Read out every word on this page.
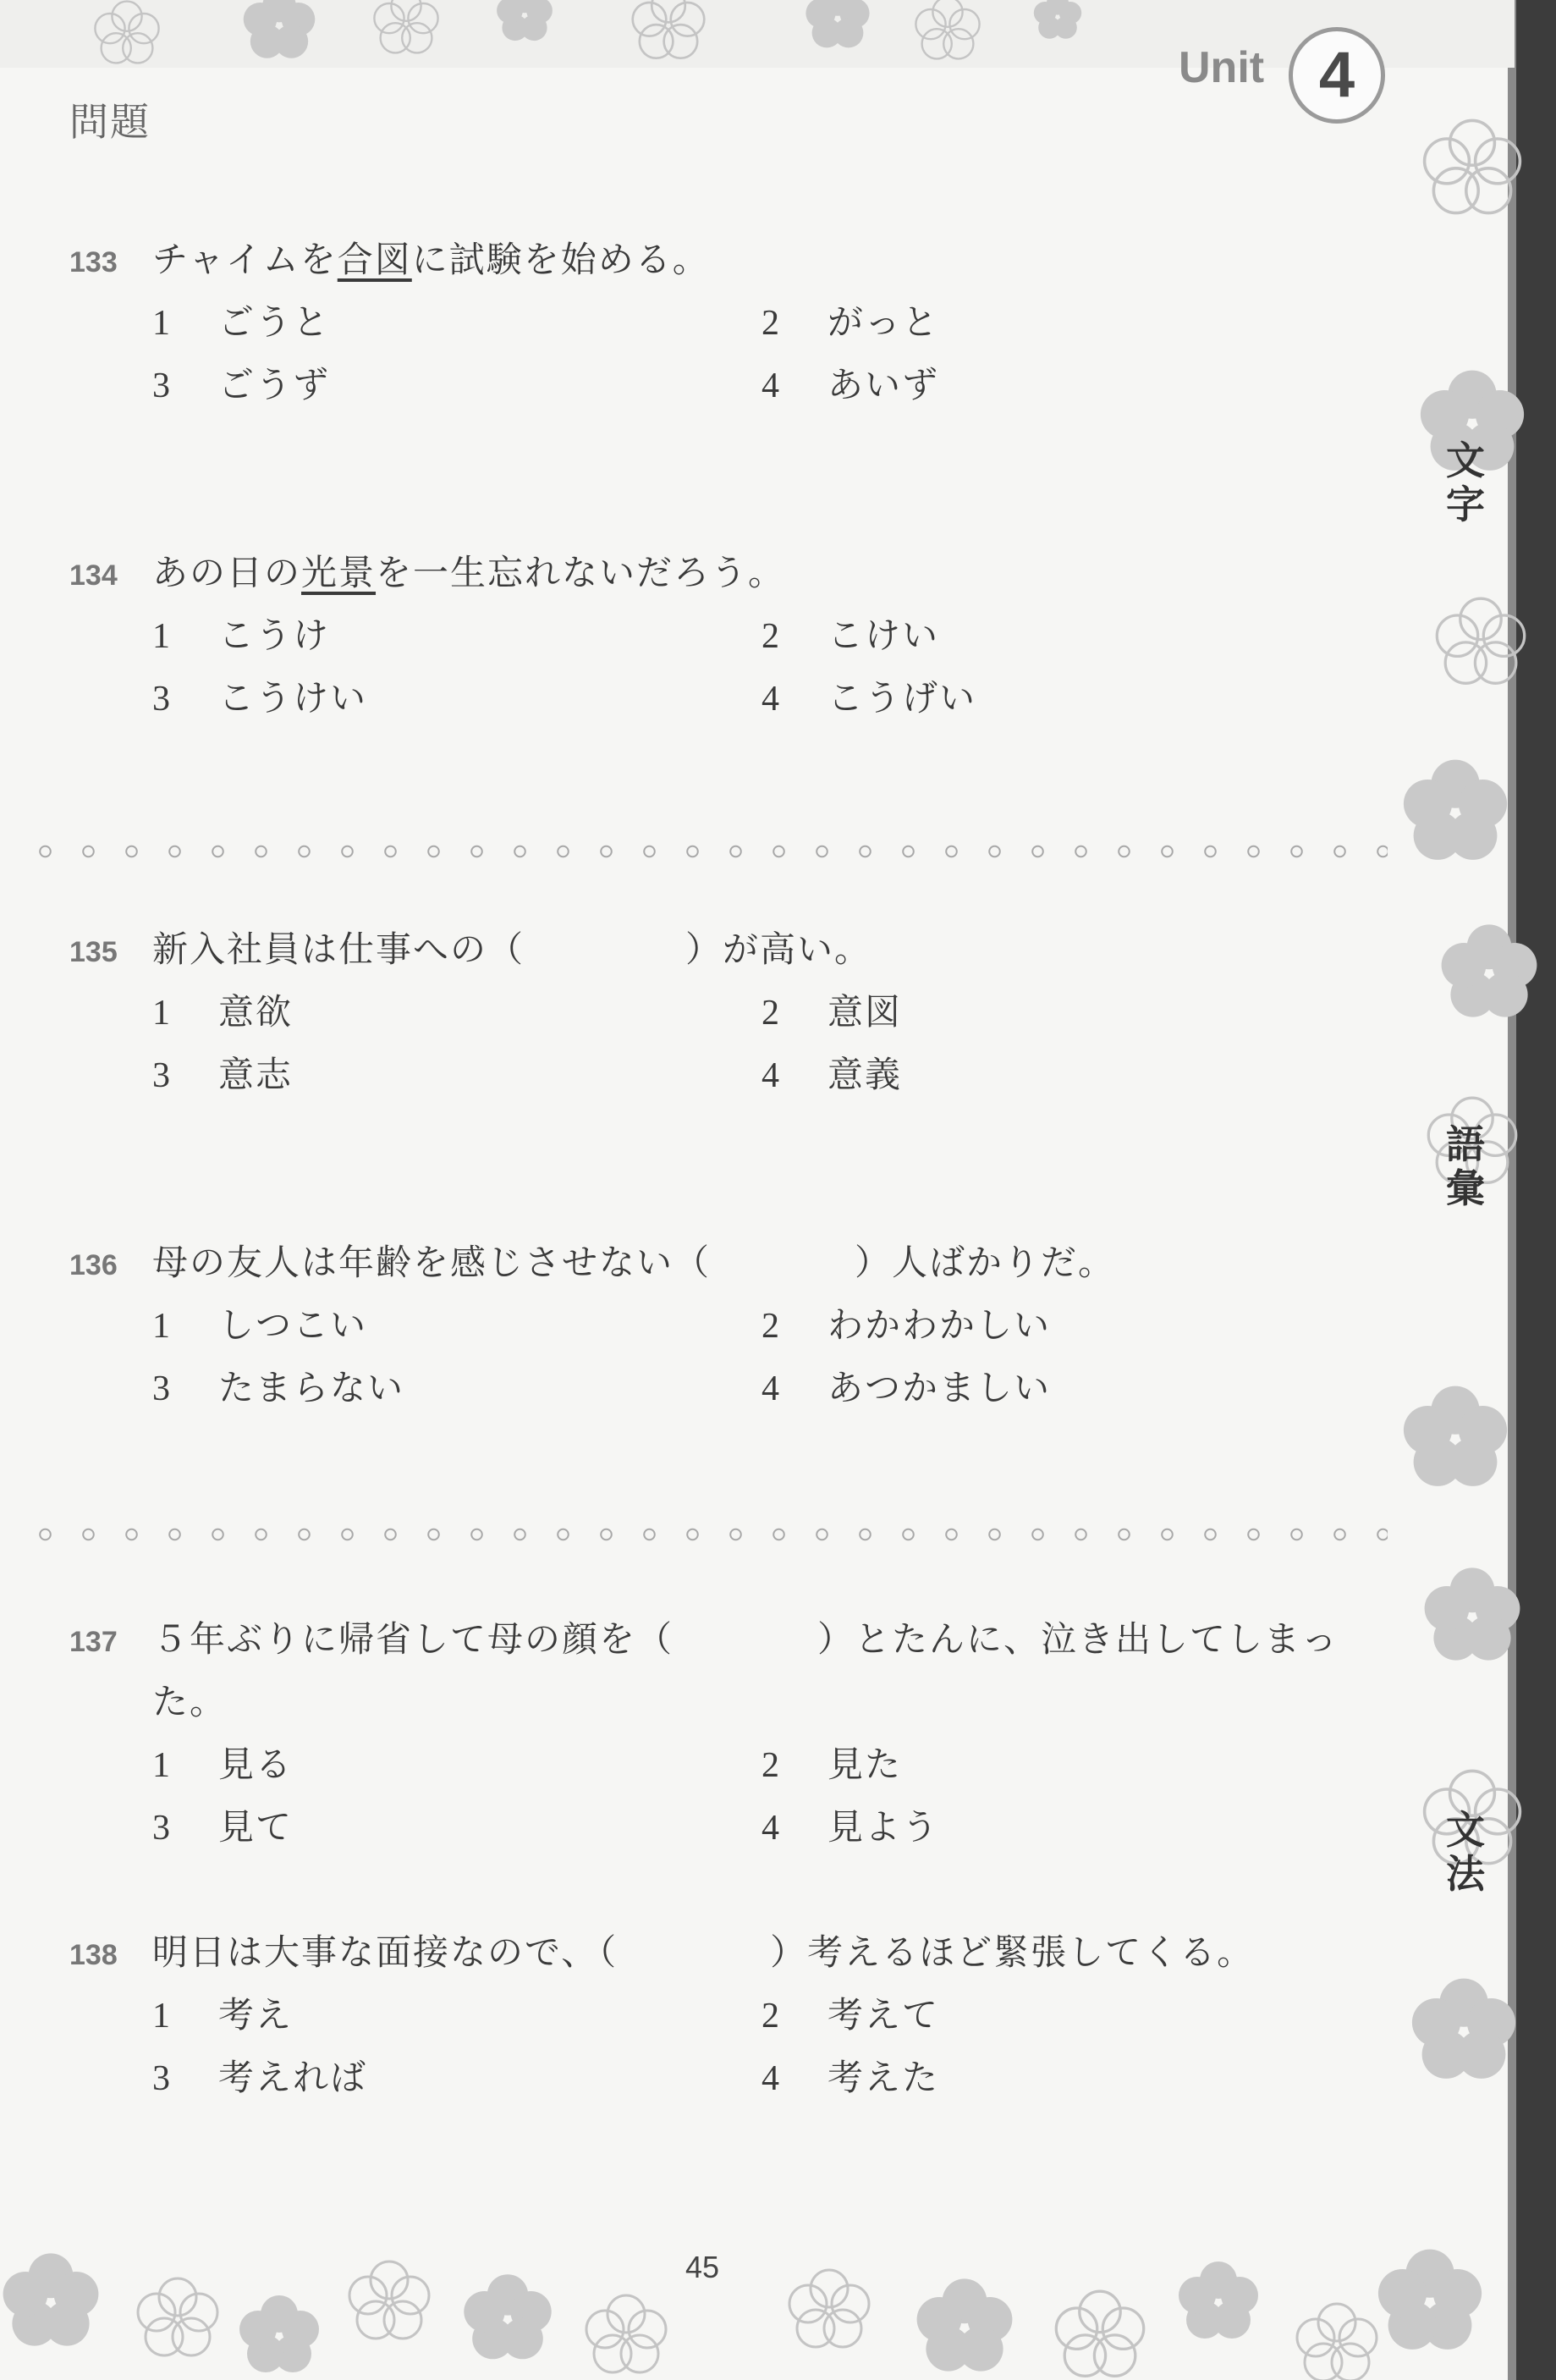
問題
Unit 4
文字
語彙
文法
133 チャイムを合図に試験を始める。
1 ごうと	2 がっと
3 ごうず	4 あいず
134 あの日の光景を一生忘れないだろう。
1 こうけ	2 こけい
3 こうけい	4 こうげい
135 新入社員は仕事への（	）が高い。
1 意欲	2 意図
3 意志	4 意義
136 母の友人は年齢を感じさせない（	）人ばかりだ。
1 しつこい	2 わかわかしい
3 たまらない	4 あつかましい
137 ５年ぶりに帰省して母の顔を（	）とたんに、泣き出してしまっ
た。
1 見る	2 見た
3 見て	4 見よう
138 明日は大事な面接なので、（	）考えるほど緊張してくる。
1 考え	2 考えて
3 考えれば	4 考えた
45
